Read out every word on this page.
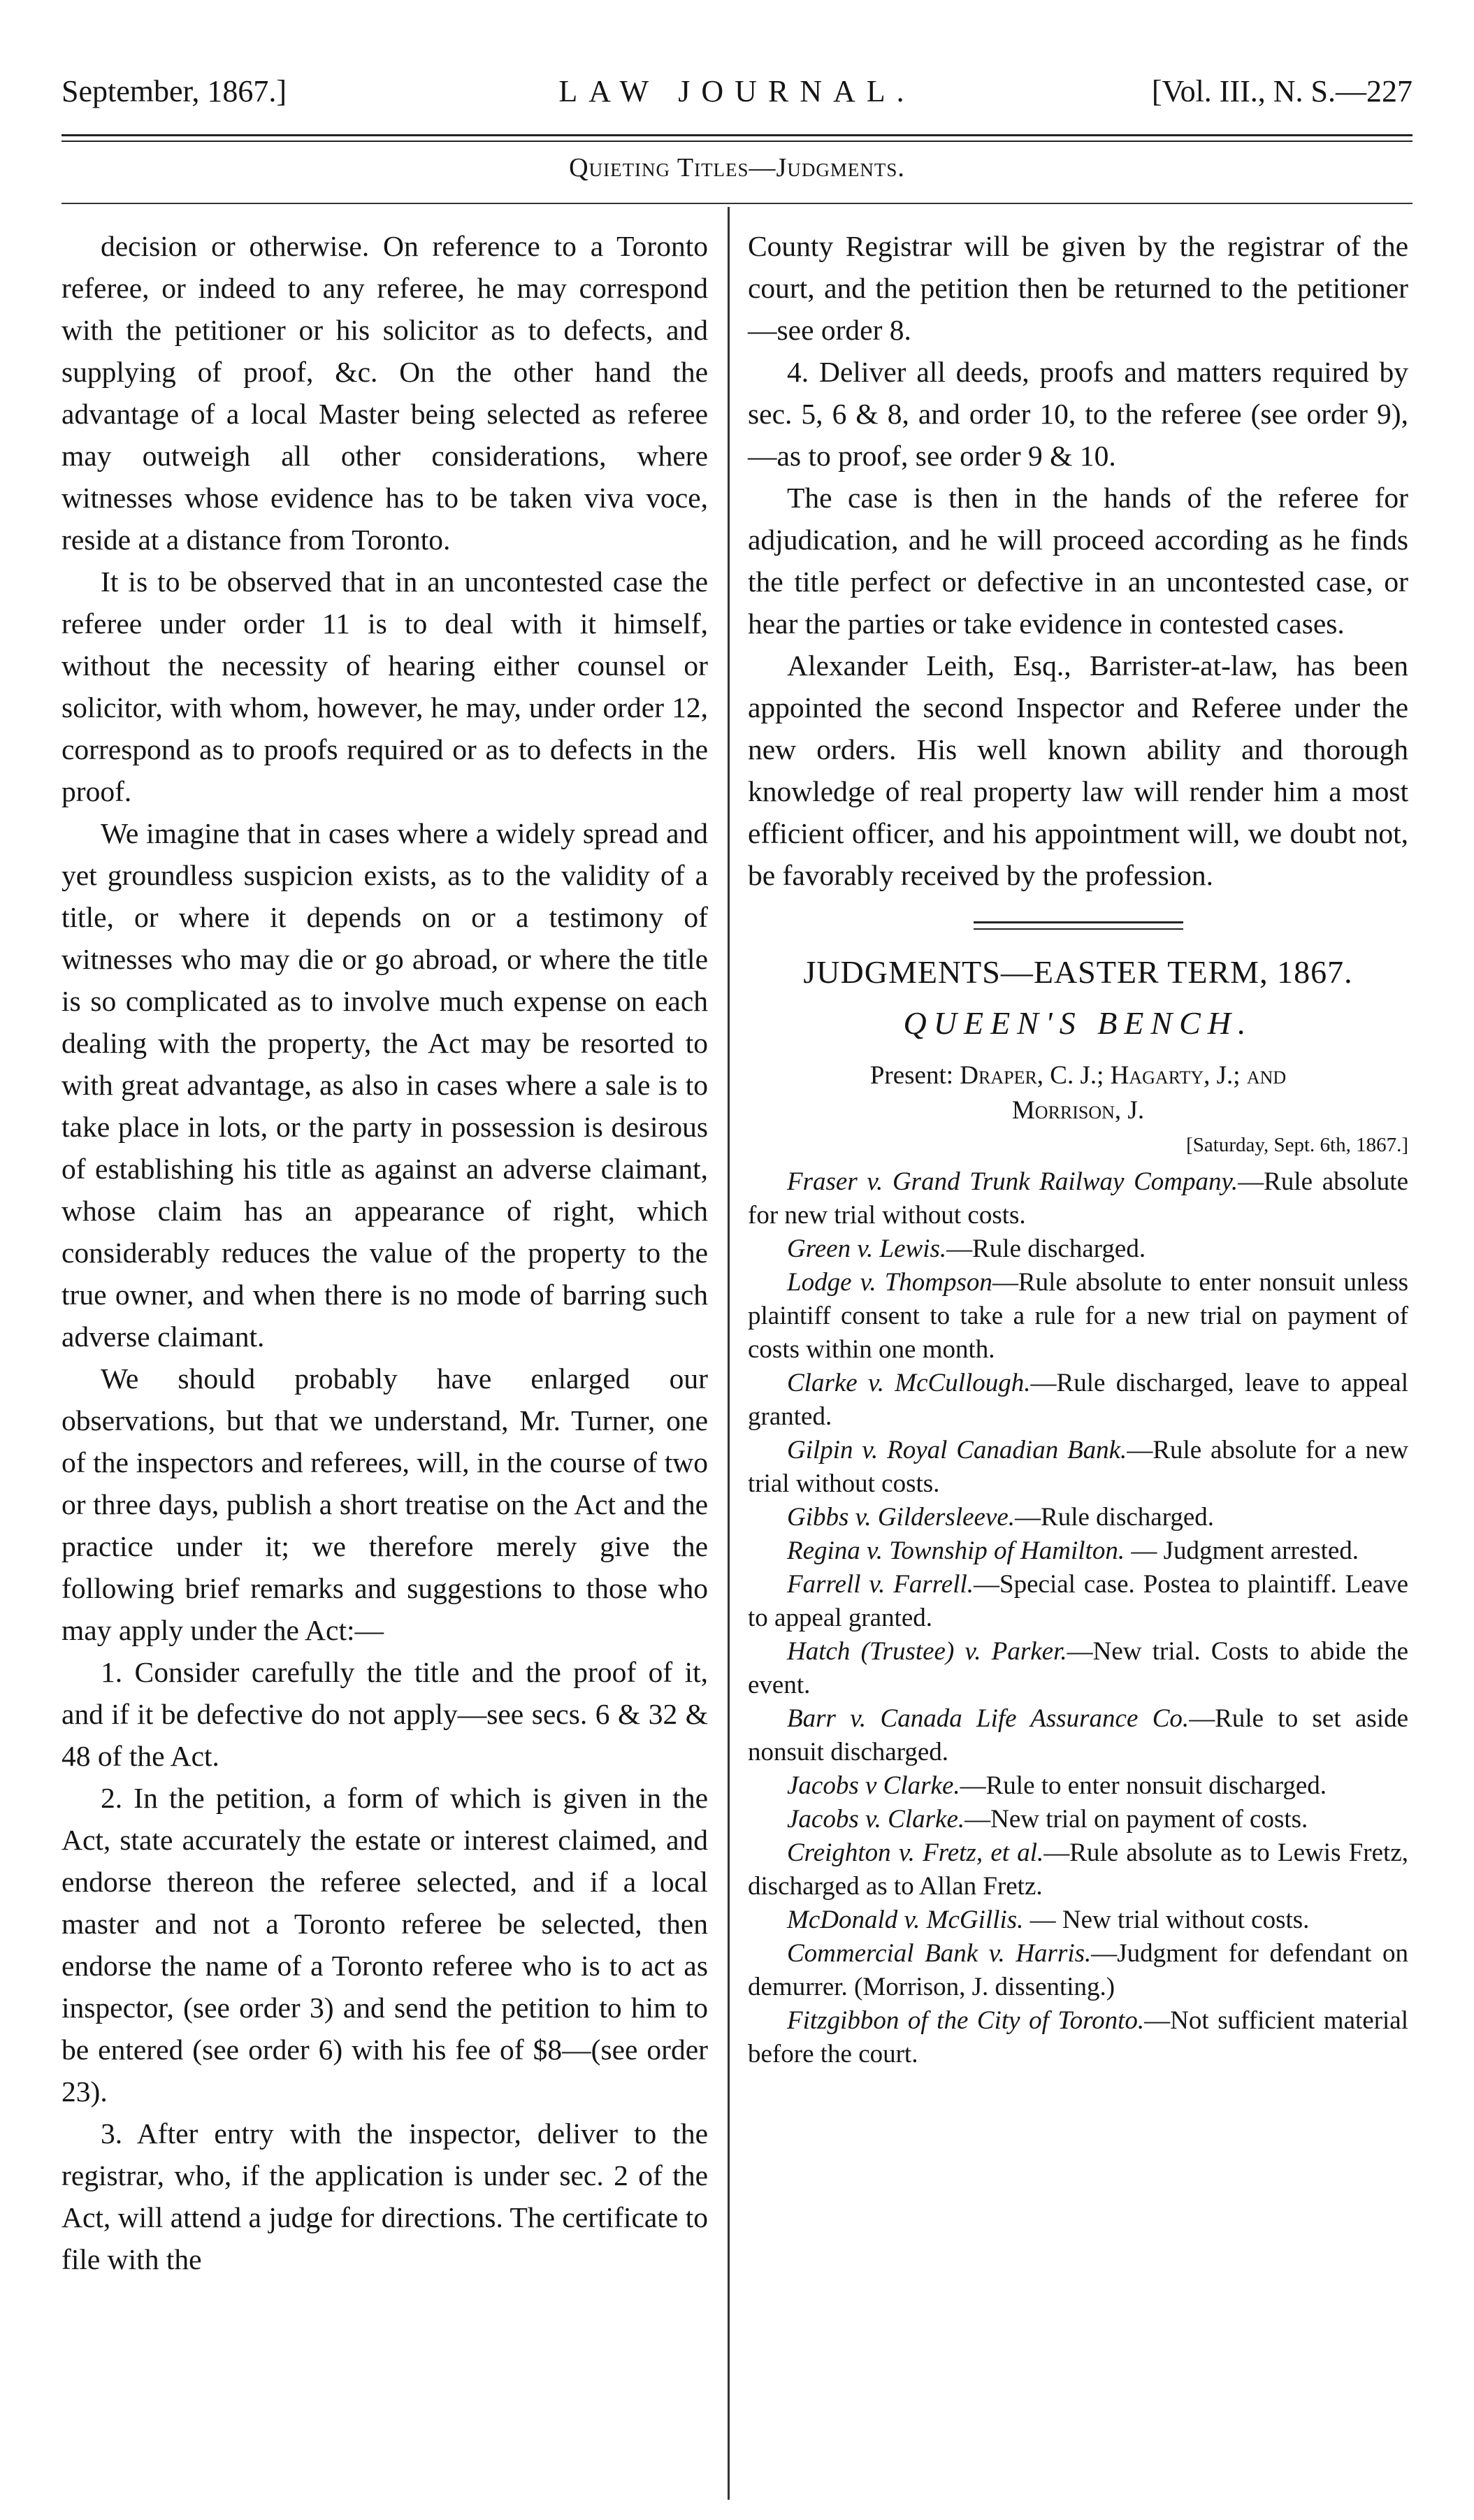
September, 1867.]	LAW JOURNAL.	[Vol. III., N. S.—227
Quieting Titles—Judgments.

decision or otherwise. On reference to a Toronto referee, or indeed to any referee, he may correspond with the petitioner or his solicitor as to defects, and supplying of proof, &c. On the other hand the advantage of a local Master being selected as referee may outweigh all other considerations, where witnesses whose evidence has to be taken viva voce, reside at a distance from Toronto.

It is to be observed that in an uncontested case the referee under order 11 is to deal with it himself, without the necessity of hearing either counsel or solicitor, with whom, however, he may, under order 12, correspond as to proofs required or as to defects in the proof.

We imagine that in cases where a widely spread and yet groundless suspicion exists, as to the validity of a title, or where it depends on or a testimony of witnesses who may die or go abroad, or where the title is so complicated as to involve much expense on each dealing with the property, the Act may be resorted to with great advantage, as also in cases where a sale is to take place in lots, or the party in possession is desirous of establishing his title as against an adverse claimant, whose claim has an appearance of right, which considerably reduces the value of the property to the true owner, and when there is no mode of barring such adverse claimant.

We should probably have enlarged our observations, but that we understand, Mr. Turner, one of the inspectors and referees, will, in the course of two or three days, publish a short treatise on the Act and the practice under it; we therefore merely give the following brief remarks and suggestions to those who may apply under the Act:—

1. Consider carefully the title and the proof of it, and if it be defective do not apply—see secs. 6 & 32 & 48 of the Act.

2. In the petition, a form of which is given in the Act, state accurately the estate or interest claimed, and endorse thereon the referee selected, and if a local master and not a Toronto referee be selected, then endorse the name of a Toronto referee who is to act as inspector, (see order 3) and send the petition to him to be entered (see order 6) with his fee of $8—(see order 23).

3. After entry with the inspector, deliver to the registrar, who, if the application is under sec. 2 of the Act, will attend a judge for directions. The certificate to file with the

County Registrar will be given by the registrar of the court, and the petition then be returned to the petitioner—see order 8.

4. Deliver all deeds, proofs and matters required by sec. 5, 6 & 8, and order 10, to the referee (see order 9),—as to proof, see order 9 & 10.

The case is then in the hands of the referee for adjudication, and he will proceed according as he finds the title perfect or defective in an uncontested case, or hear the parties or take evidence in contested cases.

Alexander Leith, Esq., Barrister-at-law, has been appointed the second Inspector and Referee under the new orders. His well known ability and thorough knowledge of real property law will render him a most efficient officer, and his appointment will, we doubt not, be favorably received by the profession.

JUDGMENTS—EASTER TERM, 1867.
QUEEN'S BENCH.
Present: Draper, C. J.; Hagarty, J.; and
Morrison, J.
[Saturday, Sept. 6th, 1867.]

Fraser v. Grand Trunk Railway Company.—Rule absolute for new trial without costs.

Green v. Lewis.—Rule discharged.

Lodge v. Thompson—Rule absolute to enter nonsuit unless plaintiff consent to take a rule for a new trial on payment of costs within one month.

Clarke v. McCullough.—Rule discharged, leave to appeal granted.

Gilpin v. Royal Canadian Bank.—Rule absolute for a new trial without costs.

Gibbs v. Gildersleeve.—Rule discharged.

Regina v. Township of Hamilton. — Judgment arrested.

Farrell v. Farrell.—Special case. Postea to plaintiff. Leave to appeal granted.

Hatch (Trustee) v. Parker.—New trial. Costs to abide the event.

Barr v. Canada Life Assurance Co.—Rule to set aside nonsuit discharged.

Jacobs v Clarke.—Rule to enter nonsuit discharged.

Jacobs v. Clarke.—New trial on payment of costs.

Creighton v. Fretz, et al.—Rule absolute as to Lewis Fretz, discharged as to Allan Fretz.

McDonald v. McGillis. — New trial without costs.

Commercial Bank v. Harris.—Judgment for defendant on demurrer. (Morrison, J. dissenting.)

Fitzgibbon of the City of Toronto.—Not sufficient material before the court.
